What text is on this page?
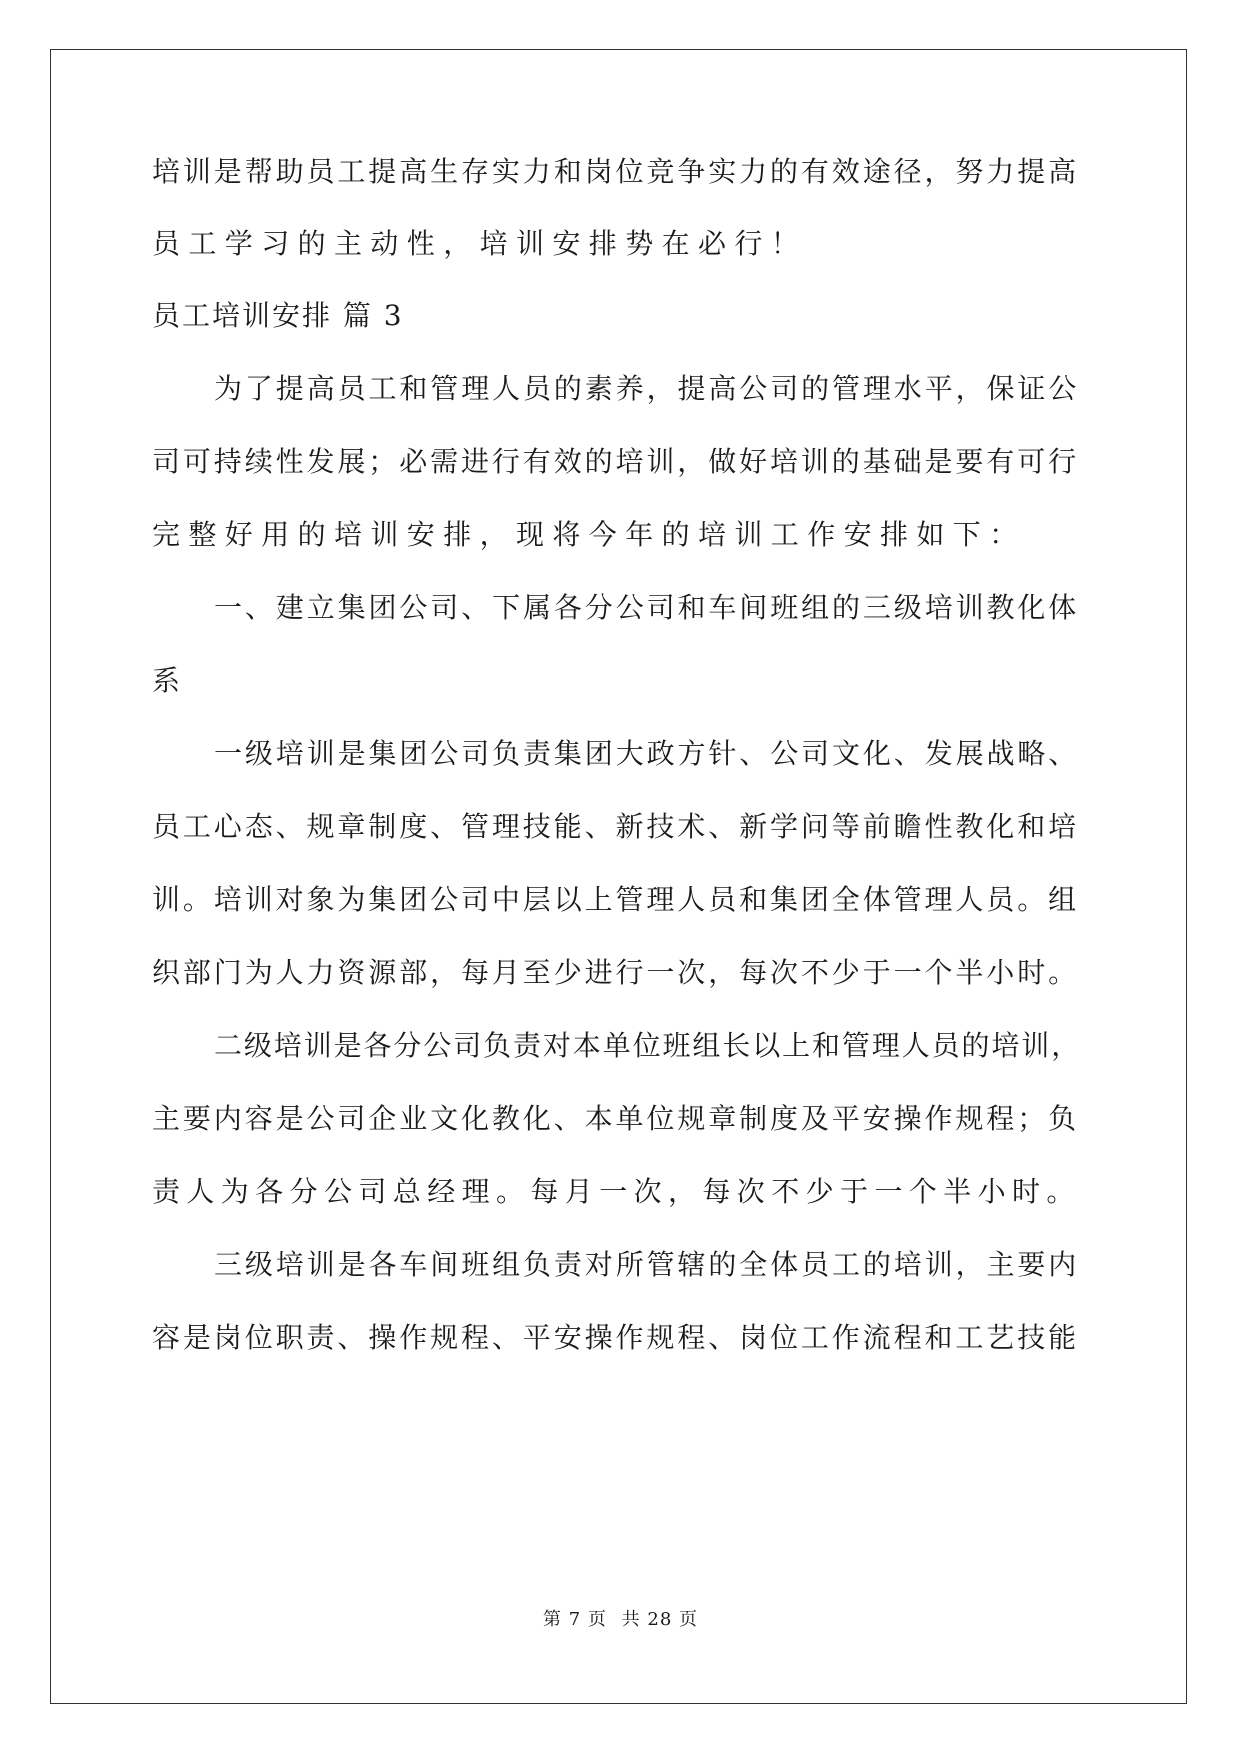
培训是帮助员工提高生存实力和岗位竞争实力的有效途径，努力提高
员工学习的主动性，培训安排势在必行！
员工培训安排 篇 3
为了提高员工和管理人员的素养，提高公司的管理水平，保证公
司可持续性发展；必需进行有效的培训，做好培训的基础是要有可行
完整好用的培训安排，现将今年的培训工作安排如下：
一、建立集团公司、下属各分公司和车间班组的三级培训教化体
系
一级培训是集团公司负责集团大政方针、公司文化、发展战略、
员工心态、规章制度、管理技能、新技术、新学问等前瞻性教化和培
训。培训对象为集团公司中层以上管理人员和集团全体管理人员。组
织部门为人力资源部，每月至少进行一次，每次不少于一个半小时。
二级培训是各分公司负责对本单位班组长以上和管理人员的培训，
主要内容是公司企业文化教化、本单位规章制度及平安操作规程；负
责人为各分公司总经理。每月一次，每次不少于一个半小时。
三级培训是各车间班组负责对所管辖的全体员工的培训，主要内
容是岗位职责、操作规程、平安操作规程、岗位工作流程和工艺技能
第 7 页 共 28 页
